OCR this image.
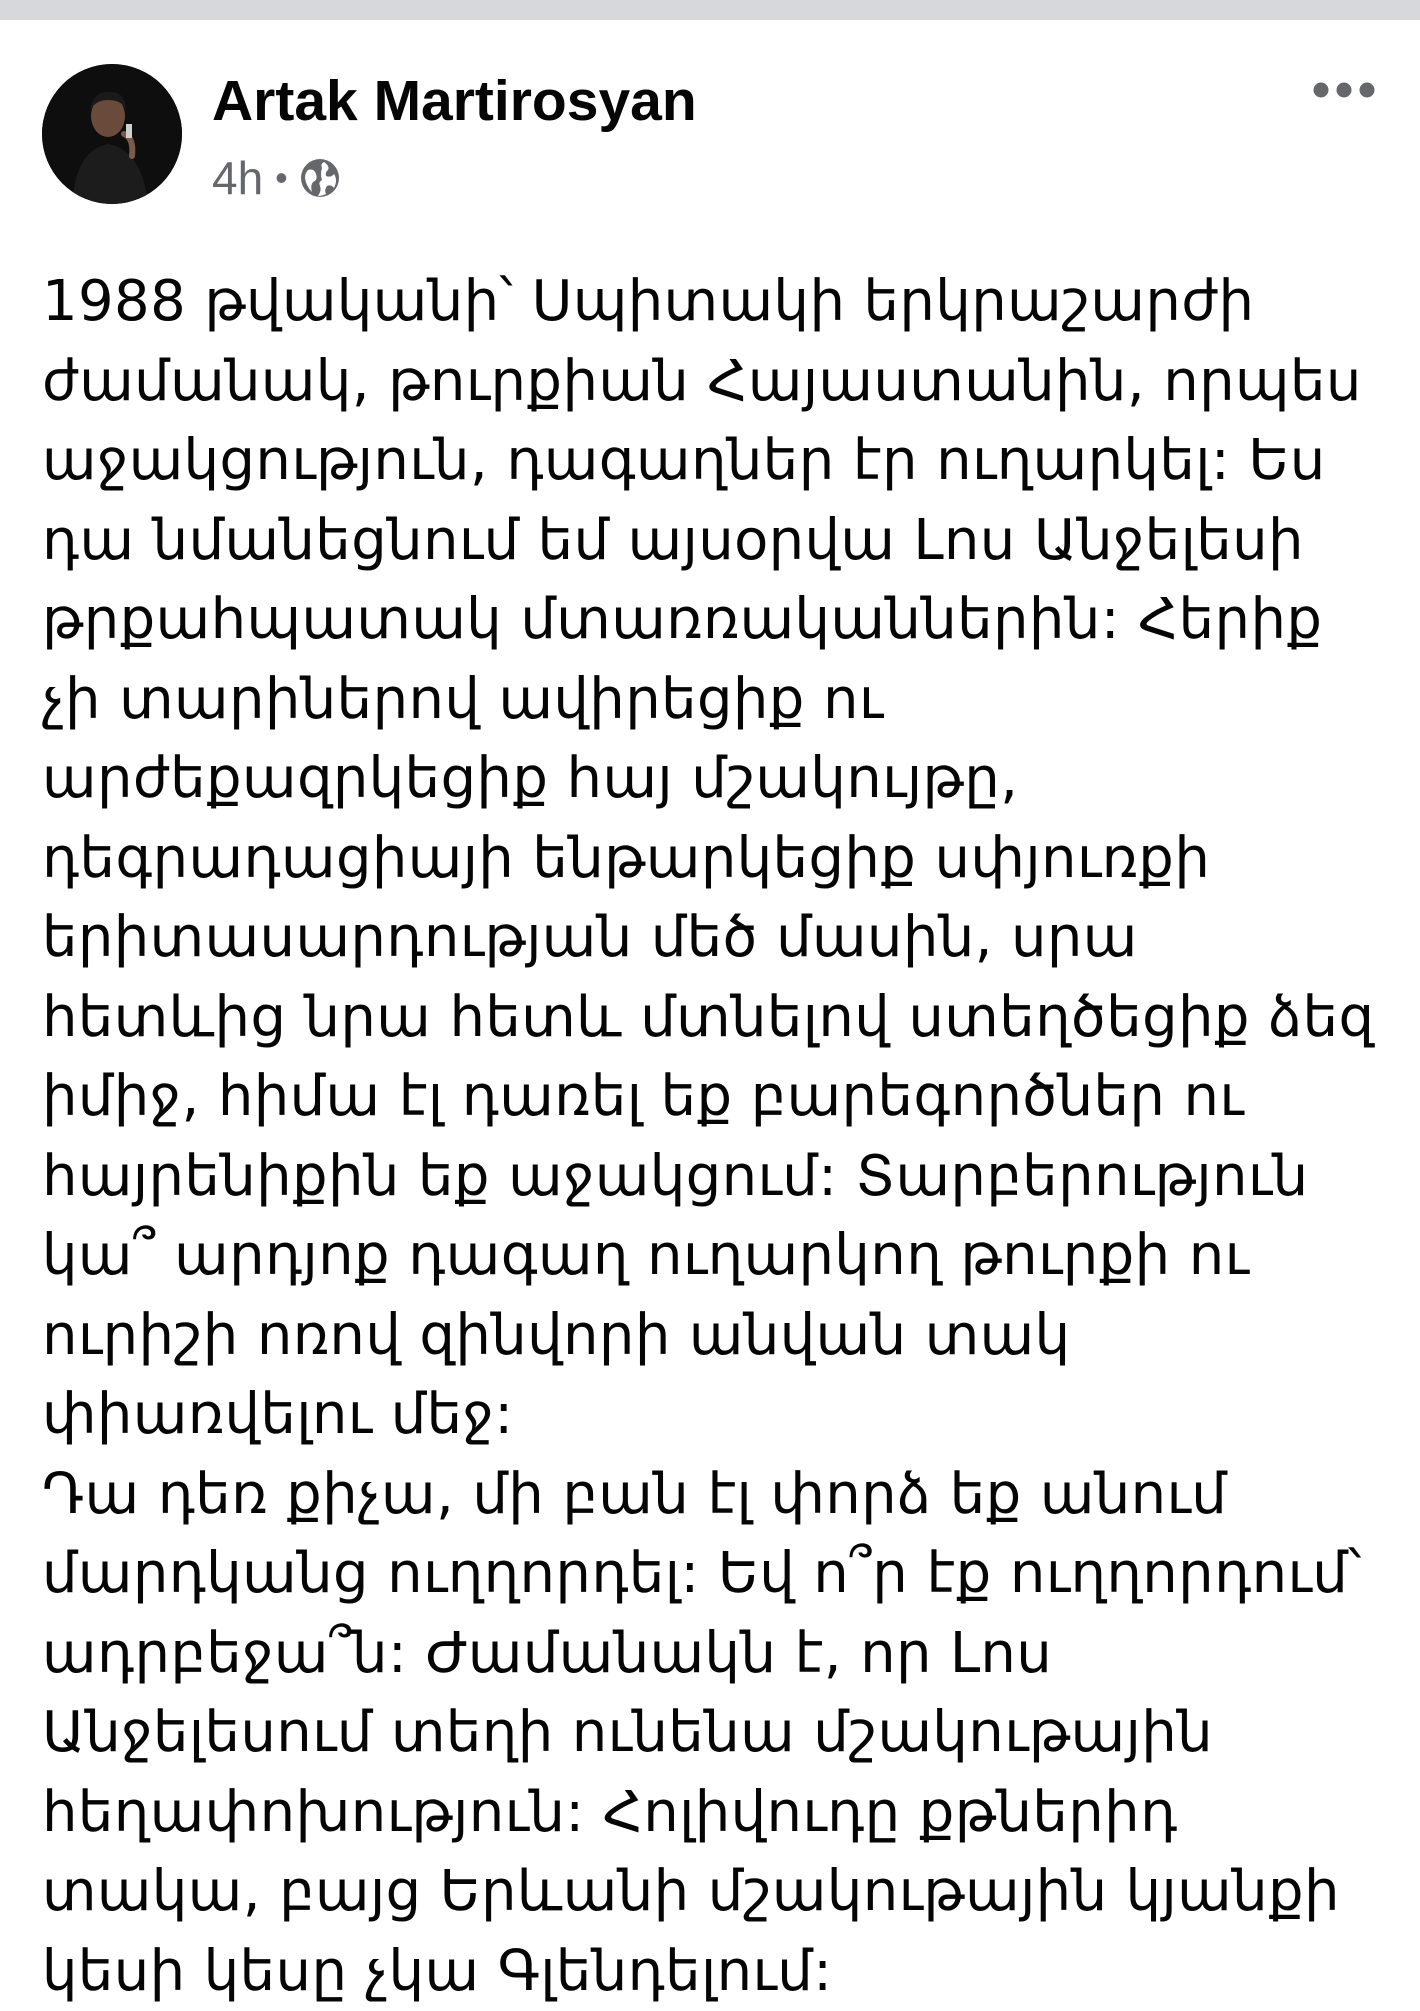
Artak Martirosyan
4h •
1988 թվականի՝ Սպիտակի երկրաշարժի
ժամանակ, թուրքիան Հայաստանին, որպես
աջակցություն, դագաղներ էր ուղարկել: Ես
դա նմանեցնում եմ այսօրվա Լոս Անջելեսի
թրքահպատակ մտառռականներին: Հերիք
չի տարիներով ավիրեցիք ու
արժեքազրկեցիք հայ մշակույթը,
դեգրադացիայի ենթարկեցիք սփյուռքի
երիտասարդության մեծ մասին, սրա
հետևից նրա հետև մտնելով ստեղծեցիք ձեզ
իմիջ, հիմա էլ դառել եք բարեգործներ ու
հայրենիքին եք աջակցում: Տարբերություն
կա՞ արդյոք դագաղ ուղարկող թուրքի ու
ուրիշի ոռով զինվորի անվան տակ
փիառվելու մեջ:
Դա դեռ քիչա, մի բան էլ փորձ եք անում
մարդկանց ուղղորդել: Եվ ո՞ր էք ուղղորդում՝
ադրբեջա՞ն: Ժամանակն է, որ Լոս
Անջելեսում տեղի ունենա մշակութային
հեղափոխություն: Հոլիվուդը քթներիդ
տակա, բայց Երևանի մշակութային կյանքի
կեսի կեսը չկա Գլենդելում:
